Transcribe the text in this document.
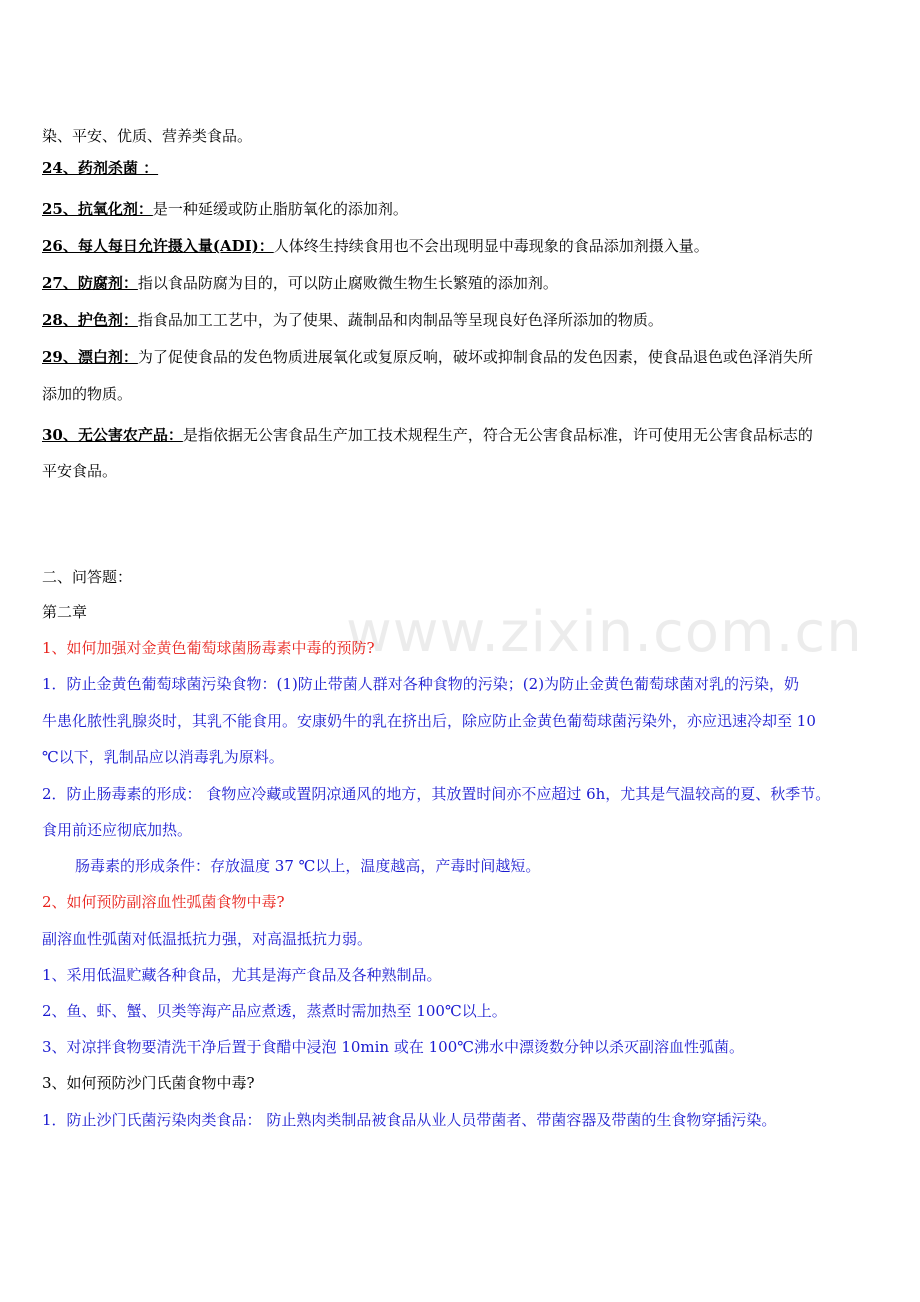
www.zixin.com.cn
染、平安、优质、营养类食品。
24、药剂杀菌 ：
25、抗氧化剂：是一种延缓或防止脂肪氧化的添加剂。
26、每人每日允许摄入量(ADI)：人体终生持续食用也不会出现明显中毒现象的食品添加剂摄入量。
27、防腐剂：指以食品防腐为目的，可以防止腐败微生物生长繁殖的添加剂。
28、护色剂：指食品加工工艺中，为了使果、蔬制品和肉制品等呈现良好色泽所添加的物质。
29、漂白剂：为了促使食品的发色物质进展氧化或复原反响，破坏或抑制食品的发色因素，使食品退色或色泽消失所
添加的物质。
30、无公害农产品：是指依据无公害食品生产加工技术规程生产，符合无公害食品标准，许可使用无公害食品标志的
平安食品。
二、问答题：
第二章
1、如何加强对金黄色葡萄球菌肠毒素中毒的预防?
1．防止金黄色葡萄球菌污染食物：(1)防止带菌人群对各种食物的污染；(2)为防止金黄色葡萄球菌对乳的污染，奶
牛患化脓性乳腺炎时，其乳不能食用。安康奶牛的乳在挤出后，除应防止金黄色葡萄球菌污染外，亦应迅速冷却至 10
℃以下，乳制品应以消毒乳为原料。
2．防止肠毒素的形成： 食物应冷藏或置阴凉通风的地方，其放置时间亦不应超过 6h，尤其是气温较高的夏、秋季节。
食用前还应彻底加热。
肠毒素的形成条件：存放温度 37 ℃以上，温度越高，产毒时间越短。
2、如何预防副溶血性弧菌食物中毒?
副溶血性弧菌对低温抵抗力强，对高温抵抗力弱。
1、采用低温贮藏各种食品，尤其是海产食品及各种熟制品。
2、鱼、虾、蟹、贝类等海产品应煮透，蒸煮时需加热至 100℃以上。
3、对凉拌食物要清洗干净后置于食醋中浸泡 10min 或在 100℃沸水中漂烫数分钟以杀灭副溶血性弧菌。
3、如何预防沙门氏菌食物中毒?
1．防止沙门氏菌污染肉类食品： 防止熟肉类制品被食品从业人员带菌者、带菌容器及带菌的生食物穿插污染。
